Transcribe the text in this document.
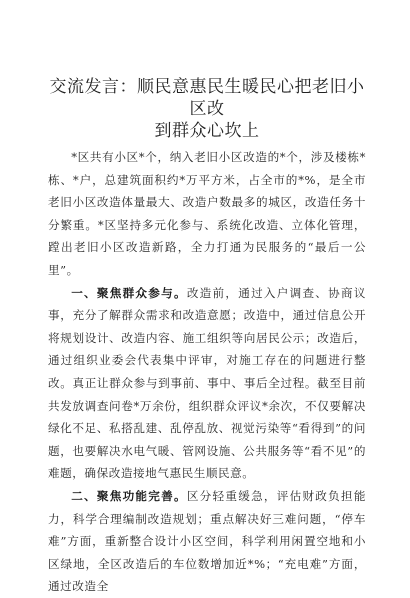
交流发言：顺民意惠民生暖民心把老旧小区改
到群众心坎上

*区共有小区*个，纳入老旧小区改造的*个，涉及楼栋*栋、*户，总建筑面积约*万平方米，占全市的*%，是全市老旧小区改造体量最大、改造户数最多的城区，改造任务十分繁重。*区坚持多元化参与、系统化改造、立体化管理，蹚出老旧小区改造新路，全力打通为民服务的“最后一公里”。

一、聚焦群众参与。改造前，通过入户调查、协商议事，充分了解群众需求和改造意愿；改造中，通过信息公开将规划设计、改造内容、施工组织等向居民公示；改造后，通过组织业委会代表集中评审，对施工存在的问题进行整改。真正让群众参与到事前、事中、事后全过程。截至目前共发放调查问卷*万余份，组织群众评议*余次，不仅要解决绿化不足、私搭乱建、乱停乱放、视觉污染等“看得到”的问题，也要解决水电气暖、管网设施、公共服务等“看不见”的难题，确保改造接地气惠民生顺民意。

二、聚焦功能完善。区分轻重缓急，评估财政负担能力，科学合理编制改造规划；重点解决好三难问题，“停车难”方面，重新整合设计小区空间，科学利用闲置空地和小区绿地，全区改造后的车位数增加近*%；“充电难”方面，通过改造全
